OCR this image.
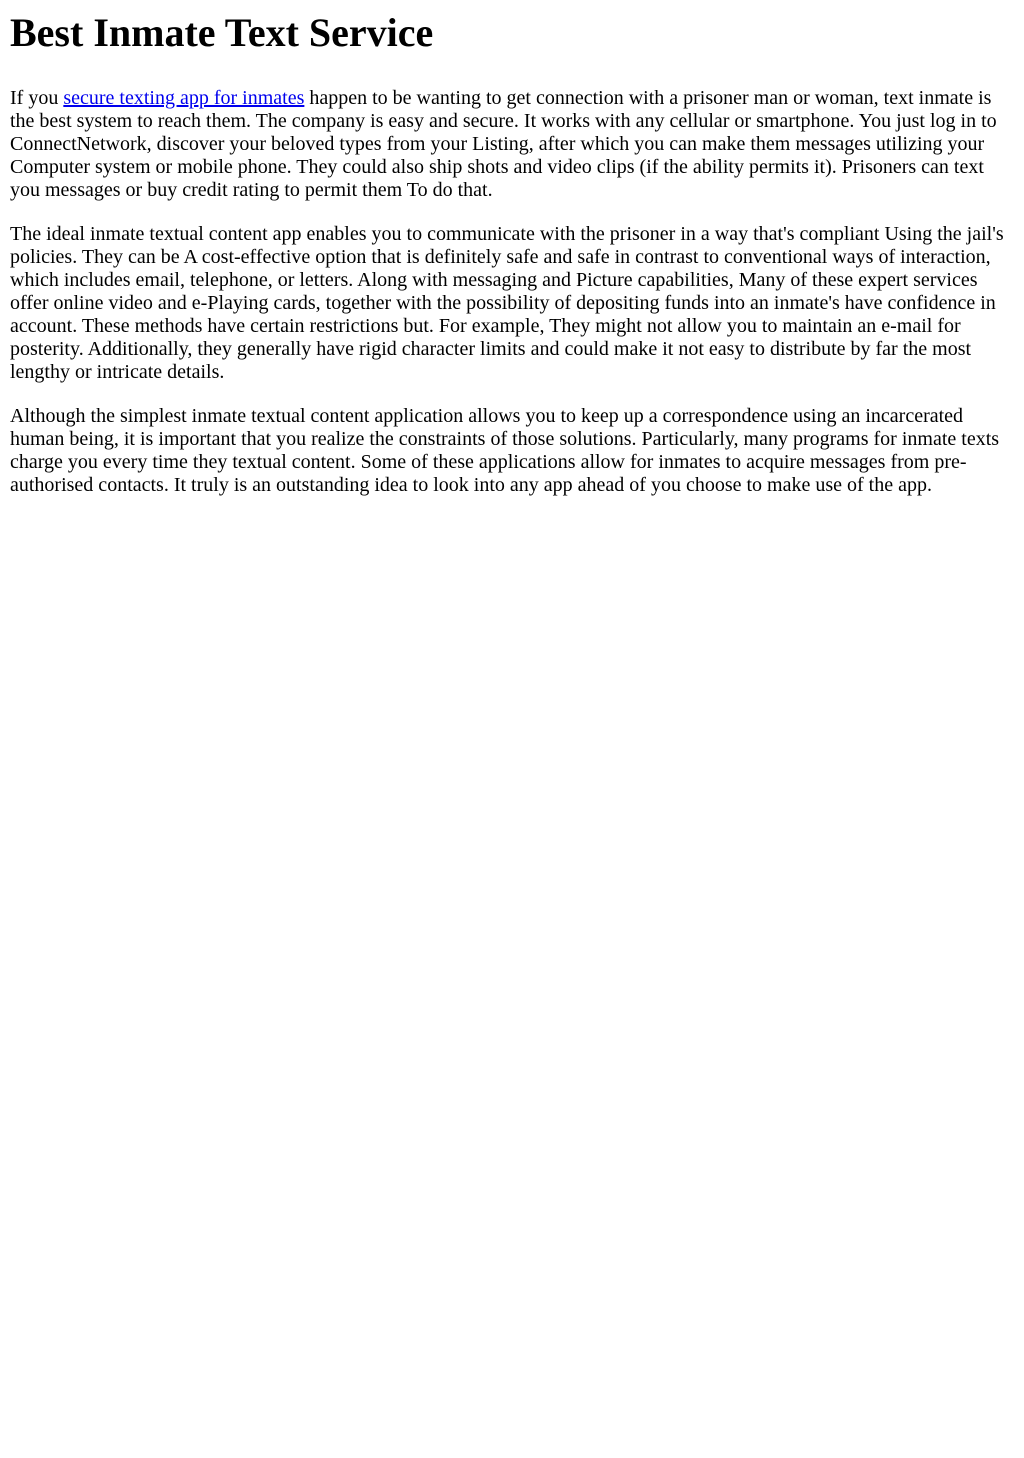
Best Inmate Text Service

If you secure texting app for inmates happen to be wanting to get connection with a prisoner man or woman, text inmate is the best system to reach them. The company is easy and secure. It works with any cellular or smartphone. You just log in to ConnectNetwork, discover your beloved types from your Listing, after which you can make them messages utilizing your Computer system or mobile phone. They could also ship shots and video clips (if the ability permits it). Prisoners can text you messages or buy credit rating to permit them To do that.

The ideal inmate textual content app enables you to communicate with the prisoner in a way that's compliant Using the jail's policies. They can be A cost-effective option that is definitely safe and safe in contrast to conventional ways of interaction, which includes email, telephone, or letters. Along with messaging and Picture capabilities, Many of these expert services offer online video and e-Playing cards, together with the possibility of depositing funds into an inmate's have confidence in account. These methods have certain restrictions but. For example, They might not allow you to maintain an e-mail for posterity. Additionally, they generally have rigid character limits and could make it not easy to distribute by far the most lengthy or intricate details.

Although the simplest inmate textual content application allows you to keep up a correspondence using an incarcerated human being, it is important that you realize the constraints of those solutions. Particularly, many programs for inmate texts charge you every time they textual content. Some of these applications allow for inmates to acquire messages from pre-authorised contacts. It truly is an outstanding idea to look into any app ahead of you choose to make use of the app.
